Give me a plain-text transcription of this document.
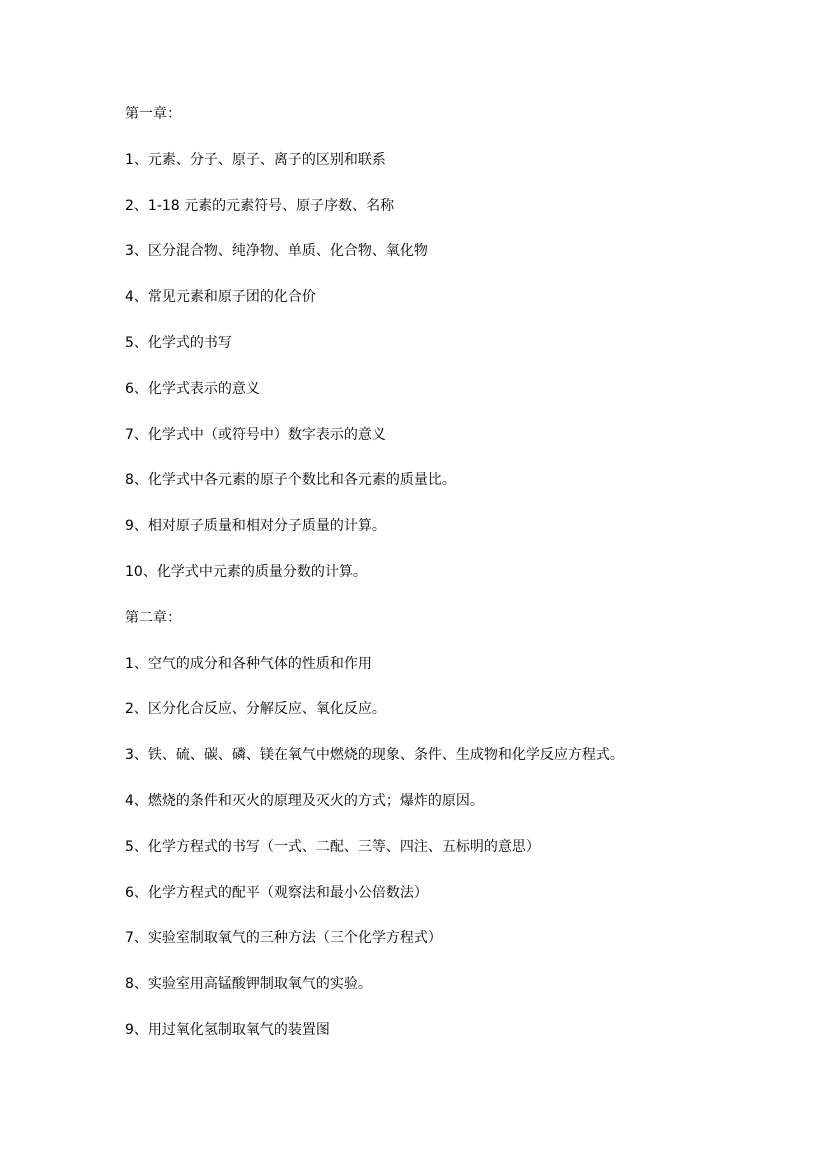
第一章：
1、元素、分子、原子、离子的区别和联系
2、1-18 元素的元素符号、原子序数、名称
3、区分混合物、纯净物、单质、化合物、氧化物
4、常见元素和原子团的化合价
5、化学式的书写
6、化学式表示的意义
7、化学式中（或符号中）数字表示的意义
8、化学式中各元素的原子个数比和各元素的质量比。
9、相对原子质量和相对分子质量的计算。
10、化学式中元素的质量分数的计算。
第二章：
1、空气的成分和各种气体的性质和作用
2、区分化合反应、分解反应、氧化反应。
3、铁、硫、碳、磷、镁在氧气中燃烧的现象、条件、生成物和化学反应方程式。
4、燃烧的条件和灭火的原理及灭火的方式；爆炸的原因。
5、化学方程式的书写（一式、二配、三等、四注、五标明的意思）
6、化学方程式的配平（观察法和最小公倍数法）
7、实验室制取氧气的三种方法（三个化学方程式）
8、实验室用高锰酸钾制取氧气的实验。
9、用过氧化氢制取氧气的装置图
